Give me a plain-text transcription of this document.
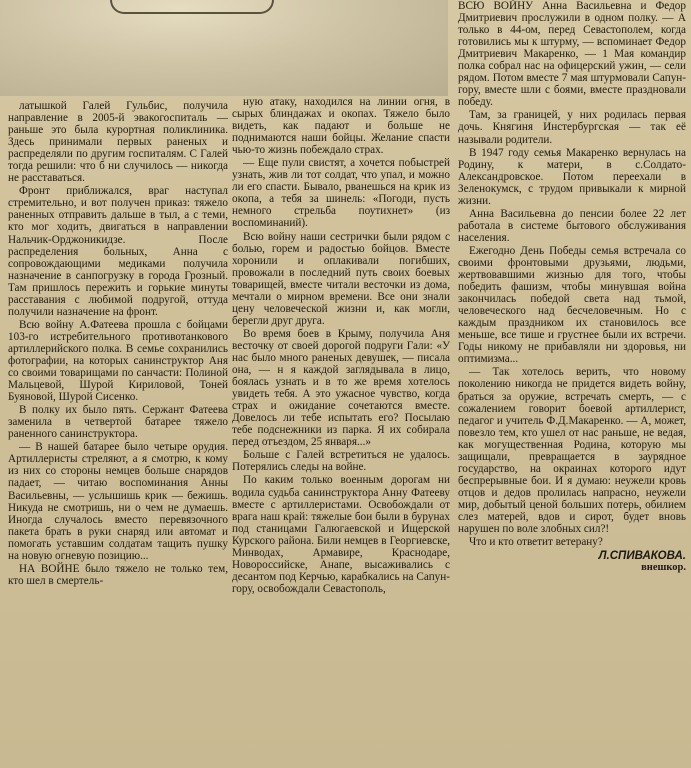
латышкой Галей Гульбис, получила направление в 2005-й эвакогоспиталь — раньше это была курортная поликлиника. Здесь принимали первых раненых и распределяли по другим госпиталям. С Галей тогда решили: что б ни случилось — никогда не расставаться.

Фронт приближался, враг наступал стремительно, и вот получен приказ: тяжело раненных отправить дальше в тыл, а с теми, кто мог ходить, двигаться в направлении Нальчик-Орджоникидзе. После распределения больных, Анна с сопровождающими медиками получила назначение в санпогрузку в города Грозный. Там пришлось пережить и горькие минуты расставания с любимой подругой, оттуда получили назначение на фронт.

Всю войну А.Фатеева прошла с бойцами 103-го истребительного противотанкового артиллерийского полка. В семье сохранились фотографии, на которых санинструктор Аня со своими товарищами по санчасти: Полиной Мальцевой, Шурой Кириловой, Тоней Буяновой, Шурой Сисенко.

В полку их было пять. Сержант Фатеева заменила в четвертой батарее тяжело раненного санинструктора.

— В нашей батарее было четыре орудия. Артиллеристы стреляют, а я смотрю, к кому из них со стороны немцев больше снарядов падает, — читаю воспоминания Анны Васильевны, — услышишь крик — бежишь. Никуда не смотришь, ни о чем не думаешь. Иногда случалось вместо перевязочного пакета брать в руки снаряд или автомат и помогать уставшим солдатам тащить пушку на новую огневую позицию...

НА ВОЙНЕ было тяжело не только тем, кто шел в смертель-

ную атаку, находился на линии огня, в сырых блиндажах и окопах. Тяжело было видеть, как падают и больше не поднимаются наши бойцы. Желание спасти чью-то жизнь побеждало страх.

— Еще пули свистят, а хочется побыстрей узнать, жив ли тот солдат, что упал, и можно ли его спасти. Бывало, рванешься на крик из окопа, а тебя за шинель: «Погоди, пусть немного стрельба поутихнет» (из воспоминаний).

Всю войну наши сестрички были рядом с болью, горем и радостью бойцов. Вместе хоронили и оплакивали погибших, провожали в последний путь своих боевых товарищей, вместе читали весточки из дома, мечтали о мирном времени. Все они знали цену человеческой жизни и, как могли, берегли друг друга.

Во время боев в Крыму, получила Аня весточку от своей дорогой подруги Гали: «У нас было много раненых девушек, — писала она, — н я каждой заглядывала в лицо, боялась узнать и в то же время хотелось увидеть тебя. А это ужасное чувство, когда страх и ожидание сочетаются вместе. Довелось ли тебе испытать его? Посылаю тебе подснежники из парка. Я их собирала перед отъездом, 25 января...»

Больше с Галей встретиться не удалось. Потерялись следы на войне.

По каким только военным дорогам ни водила судьба санинструктора Анну Фатееву вместе с артиллеристами. Освобождали от врага наш край: тяжелые бои были в бурунах под станицами Галюгаевской и Ищерской Курского района. Били немцев в Георгиевске, Минводах, Армавире, Краснодаре, Новороссийске, Анапе, высаживались с десантом под Керчью, карабкались на Сапун-гору, освобождали Севастополь,

ВСЮ ВОЙНУ Анна Васильевна и Федор Дмитриевич прослужили в одном полку. — А только в 44-ом, перед Севастополем, когда готовились мы к штурму, — вспоминает Федор Дмитриевич Макаренко, — 1 Мая командир полка собрал нас на офицерский ужин, — сели рядом. Потом вместе 7 мая штурмовали Сапун-гору, вместе шли с боями, вместе праздновали победу.

Там, за границей, у них родилась первая дочь. Княгиня Инстербургская — так её называли родители.

В 1947 году семья Макаренко вернулась на Родину, к матери, в с.Солдато-Александровское. Потом переехали в Зеленокумск, с трудом привыкали к мирной жизни.

Анна Васильевна до пенсии более 22 лет работала в системе бытового обслуживания населения.

Ежегодно День Победы семья встречала со своими фронтовыми друзьями, людьми, жертвовавшими жизнью для того, чтобы победить фашизм, чтобы минувшая война закончилась победой света над тьмой, человеческого над бесчеловечным. Но с каждым праздником их становилось все меньше, все тише и грустнее были их встречи. Годы никому не прибавляли ни здоровья, ни оптимизма...

— Так хотелось верить, что новому поколению никогда не придется видеть войну, браться за оружие, встречать смерть, — с сожалением говорит боевой артиллерист, педагог и учитель Ф.Д.Макаренко. — А, может, повезло тем, кто ушел от нас раньше, не ведая, как могущественная Родина, которую мы защищали, превращается в заурядное государство, на окраинах которого идут беспрерывные бои. И я думаю: неужели кровь отцов и дедов пролилась напрасно, неужели мир, добытый ценой больших потерь, обилием слез матерей, вдов и сирот, будет вновь нарушен по воле злобных сил?!

Что и кто ответит ветерану?

Л.СПИВАКОВА.
внешкор.
